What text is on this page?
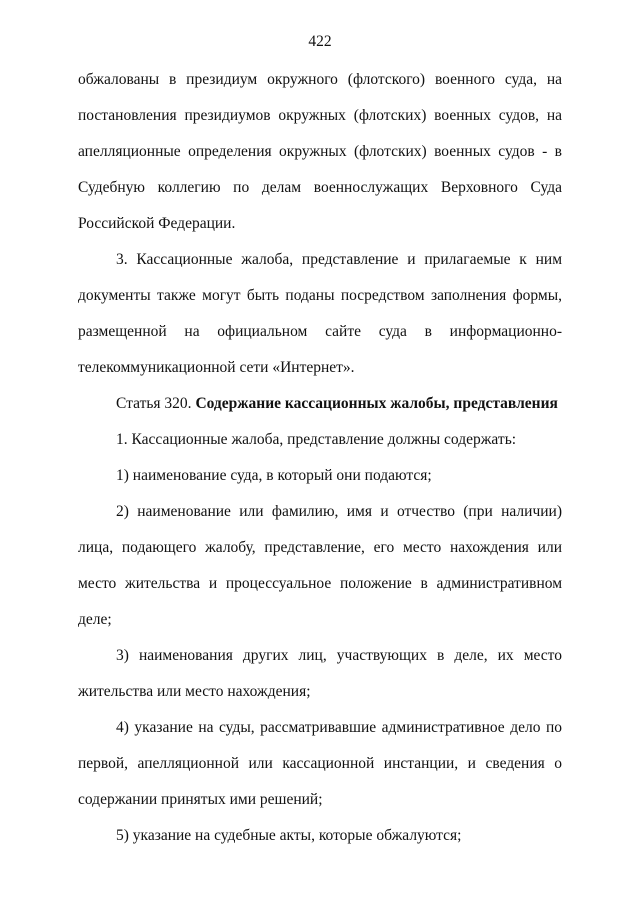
422

обжалованы в президиум окружного (флотского) военного суда, на постановления президиумов окружных (флотских) военных судов, на апелляционные определения окружных (флотских) военных судов - в Судебную коллегию по делам военнослужащих Верховного Суда Российской Федерации.

3. Кассационные жалоба, представление и прилагаемые к ним документы также могут быть поданы посредством заполнения формы, размещенной на официальном сайте суда в информационно-телекоммуникационной сети «Интернет».

Статья 320. Содержание кассационных жалобы, представления

1. Кассационные жалоба, представление должны содержать:

1) наименование суда, в который они подаются;

2) наименование или фамилию, имя и отчество (при наличии) лица, подающего жалобу, представление, его место нахождения или место жительства и процессуальное положение в административном деле;

3) наименования других лиц, участвующих в деле, их место жительства или место нахождения;

4) указание на суды, рассматривавшие административное дело по первой, апелляционной или кассационной инстанции, и сведения о содержании принятых ими решений;

5) указание на судебные акты, которые обжалуются;
